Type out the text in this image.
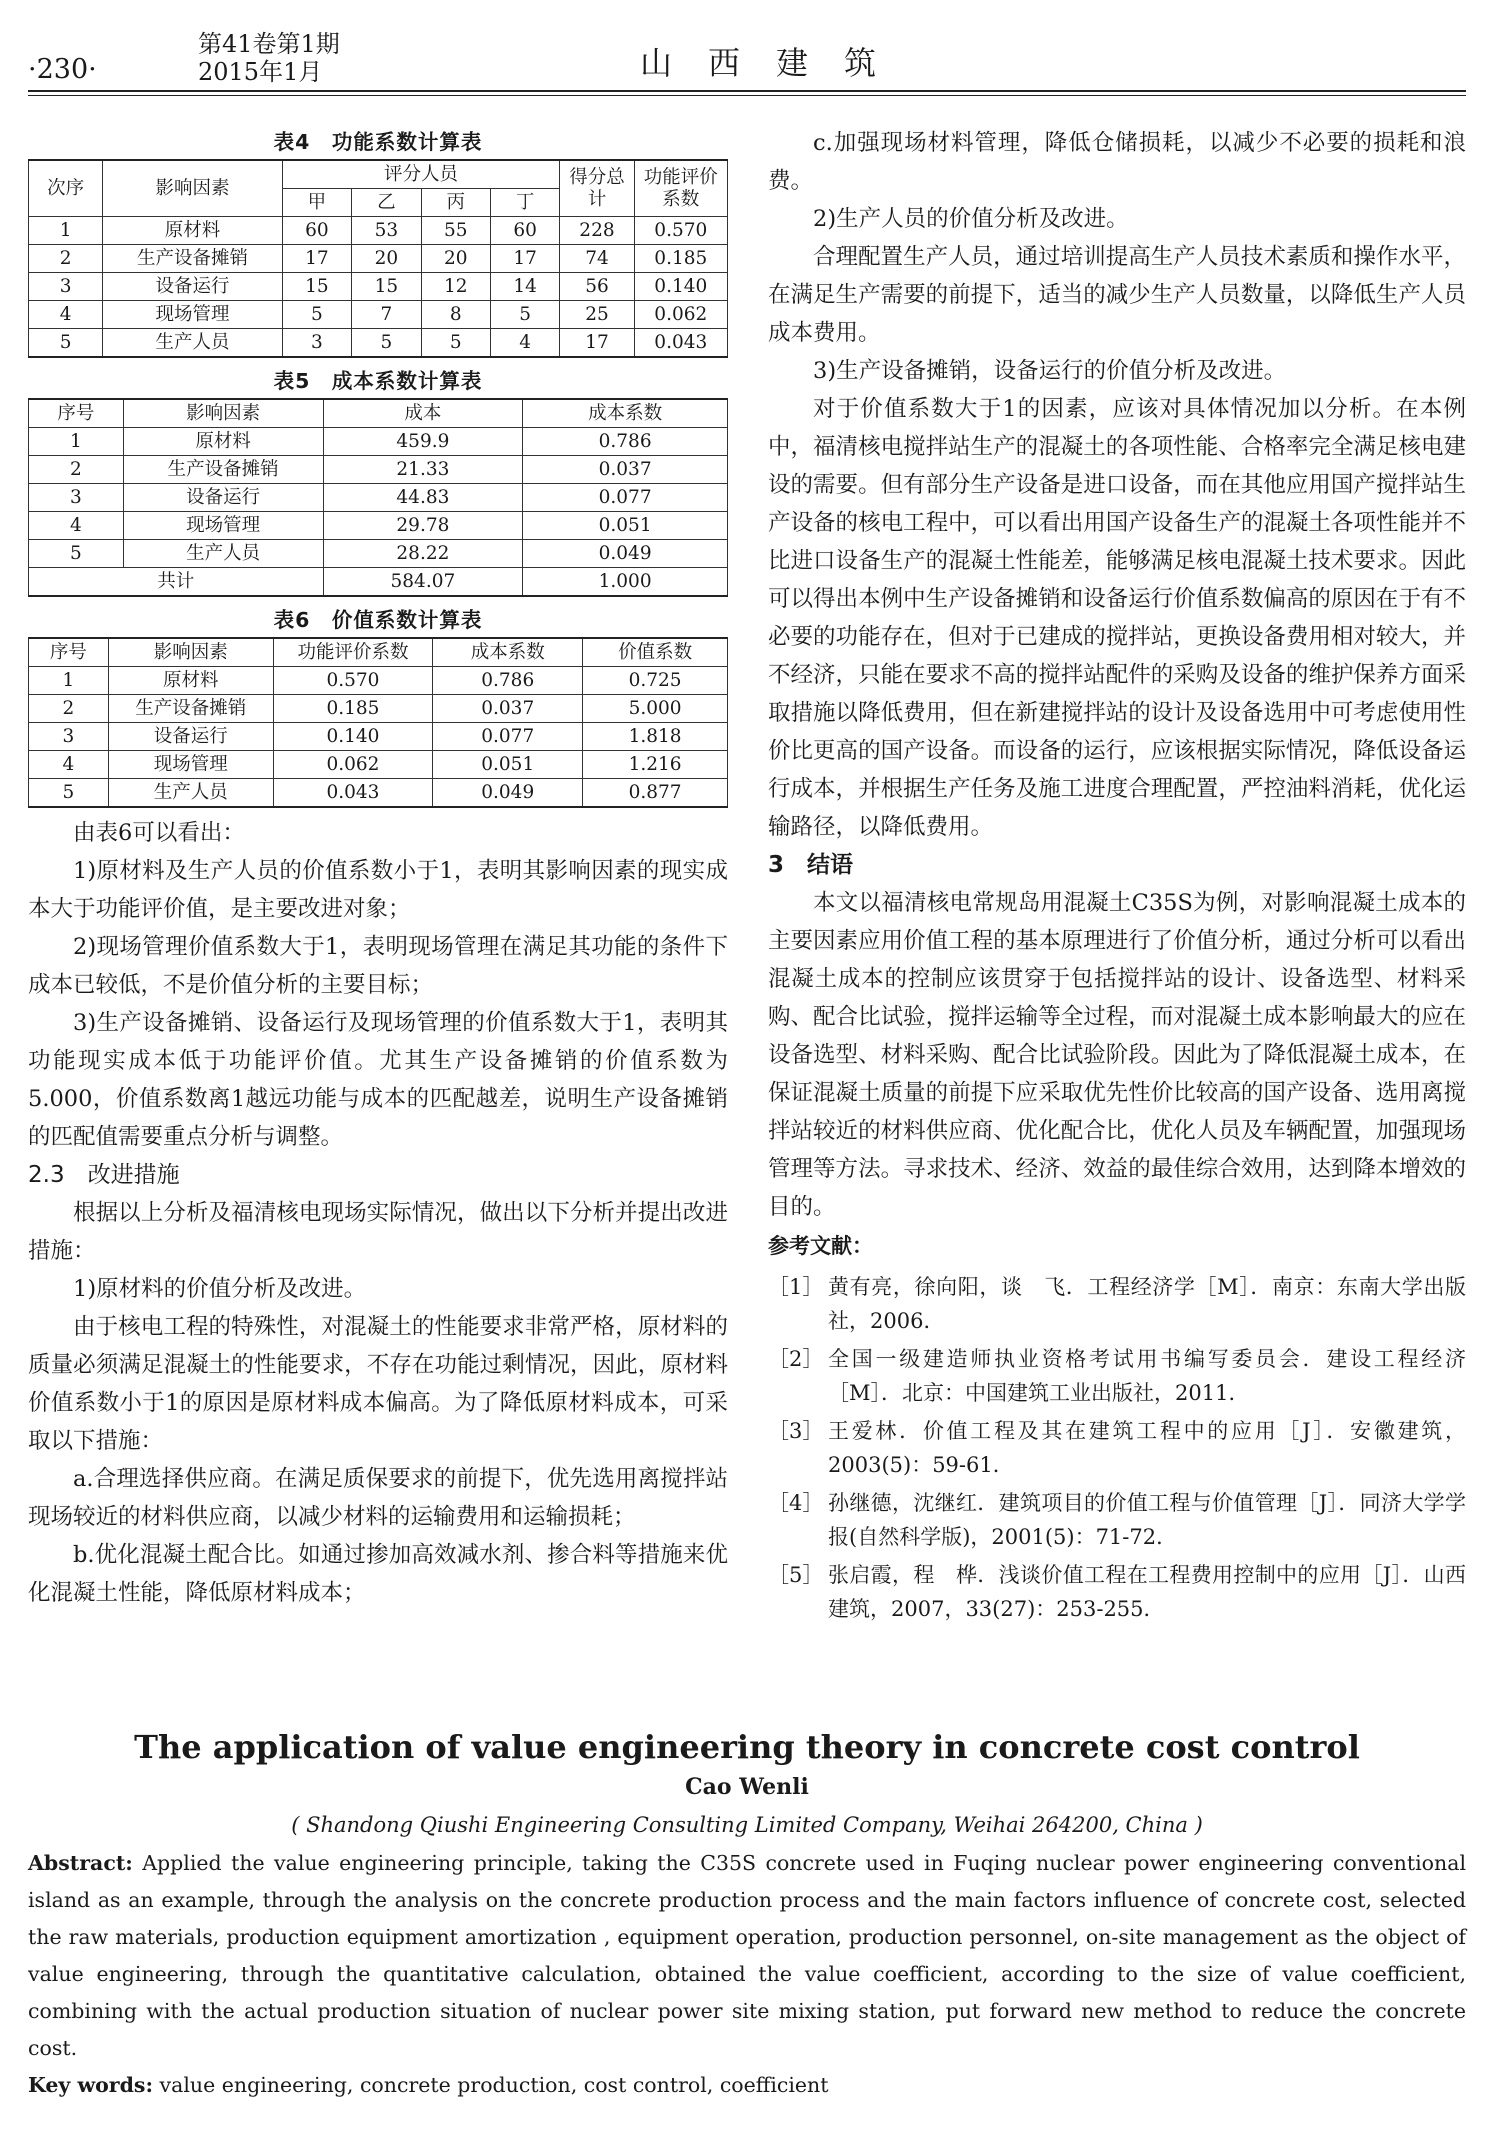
·230·
第41卷第1期
2015年1月	山西建筑
表4　功能系数计算表
次序	影响因素	评分人员				得分总计	功能评价系数
		甲	乙	丙	丁		
1	原材料	60	53	55	60	228	0.570
2	生产设备摊销	17	20	20	17	74	0.185
3	设备运行	15	15	12	14	56	0.140
4	现场管理	5	7	8	5	25	0.062
5	生产人员	3	5	5	4	17	0.043
表5　成本系数计算表
序号	影响因素	成本	成本系数
1	原材料	459.9	0.786
2	生产设备摊销	21.33	0.037
3	设备运行	44.83	0.077
4	现场管理	29.78	0.051
5	生产人员	28.22	0.049
共计		584.07	1.000
表6　价值系数计算表
序号	影响因素	功能评价系数	成本系数	价值系数
1	原材料	0.570	0.786	0.725
2	生产设备摊销	0.185	0.037	5.000
3	设备运行	0.140	0.077	1.818
4	现场管理	0.062	0.051	1.216
5	生产人员	0.043	0.049	0.877

由表6可以看出：

1)原材料及生产人员的价值系数小于1，表明其影响因素的现实成本大于功能评价值，是主要改进对象；

2)现场管理价值系数大于1，表明现场管理在满足其功能的条件下成本已较低，不是价值分析的主要目标；

3)生产设备摊销、设备运行及现场管理的价值系数大于1，表明其功能现实成本低于功能评价值。尤其生产设备摊销的价值系数为5.000，价值系数离1越远功能与成本的匹配越差，说明生产设备摊销的匹配值需要重点分析与调整。

2.3　改进措施

根据以上分析及福清核电现场实际情况，做出以下分析并提出改进措施：

1)原材料的价值分析及改进。

由于核电工程的特殊性，对混凝土的性能要求非常严格，原材料的质量必须满足混凝土的性能要求，不存在功能过剩情况，因此，原材料价值系数小于1的原因是原材料成本偏高。为了降低原材料成本，可采取以下措施：

a.合理选择供应商。在满足质保要求的前提下，优先选用离搅拌站现场较近的材料供应商，以减少材料的运输费用和运输损耗；

b.优化混凝土配合比。如通过掺加高效减水剂、掺合料等措施来优化混凝土性能，降低原材料成本；

c.加强现场材料管理，降低仓储损耗，以减少不必要的损耗和浪费。

2)生产人员的价值分析及改进。

合理配置生产人员，通过培训提高生产人员技术素质和操作水平，在满足生产需要的前提下，适当的减少生产人员数量，以降低生产人员成本费用。

3)生产设备摊销，设备运行的价值分析及改进。

对于价值系数大于1的因素，应该对具体情况加以分析。在本例中，福清核电搅拌站生产的混凝土的各项性能、合格率完全满足核电建设的需要。但有部分生产设备是进口设备，而在其他应用国产搅拌站生产设备的核电工程中，可以看出用国产设备生产的混凝土各项性能并不比进口设备生产的混凝土性能差，能够满足核电混凝土技术要求。因此可以得出本例中生产设备摊销和设备运行价值系数偏高的原因在于有不必要的功能存在，但对于已建成的搅拌站，更换设备费用相对较大，并不经济，只能在要求不高的搅拌站配件的采购及设备的维护保养方面采取措施以降低费用，但在新建搅拌站的设计及设备选用中可考虑使用性价比更高的国产设备。而设备的运行，应该根据实际情况，降低设备运行成本，并根据生产任务及施工进度合理配置，严控油料消耗，优化运输路径，以降低费用。

3　结语

本文以福清核电常规岛用混凝土C35S为例，对影响混凝土成本的主要因素应用价值工程的基本原理进行了价值分析，通过分析可以看出混凝土成本的控制应该贯穿于包括搅拌站的设计、设备选型、材料采购、配合比试验，搅拌运输等全过程，而对混凝土成本影响最大的应在设备选型、材料采购、配合比试验阶段。因此为了降低混凝土成本，在保证混凝土质量的前提下应采取优先性价比较高的国产设备、选用离搅拌站较近的材料供应商、优化配合比，优化人员及车辆配置，加强现场管理等方法。寻求技术、经济、效益的最佳综合效用，达到降本增效的目的。

参考文献：

［1］ 黄有亮，徐向阳，谈　飞．工程经济学［M］．南京：东南大学出版社，2006．
［2］ 全国一级建造师执业资格考试用书编写委员会．建设工程经济［M］．北京：中国建筑工业出版社，2011．
［3］ 王爱林．价值工程及其在建筑工程中的应用［J］．安徽建筑，2003(5)：59-61．
［4］ 孙继德，沈继红．建筑项目的价值工程与价值管理［J］．同济大学学报(自然科学版)，2001(5)：71-72．
［5］ 张启霞，程　桦．浅谈价值工程在工程费用控制中的应用［J］．山西建筑，2007，33(27)：253-255．

The application of value engineering theory in concrete cost control

Cao Wenli

( Shandong Qiushi Engineering Consulting Limited Company, Weihai 264200, China )

Abstract: Applied the value engineering principle, taking the C35S concrete used in Fuqing nuclear power engineering conventional island as an example, through the analysis on the concrete production process and the main factors influence of concrete cost, selected the raw materials, production equipment amortization , equipment operation, production personnel, on-site management as the object of value engineering, through the quantitative calculation, obtained the value coefficient, according to the size of value coefficient, combining with the actual production situation of nuclear power site mixing station, put forward new method to reduce the concrete cost.

Key words: value engineering, concrete production, cost control, coefficient
